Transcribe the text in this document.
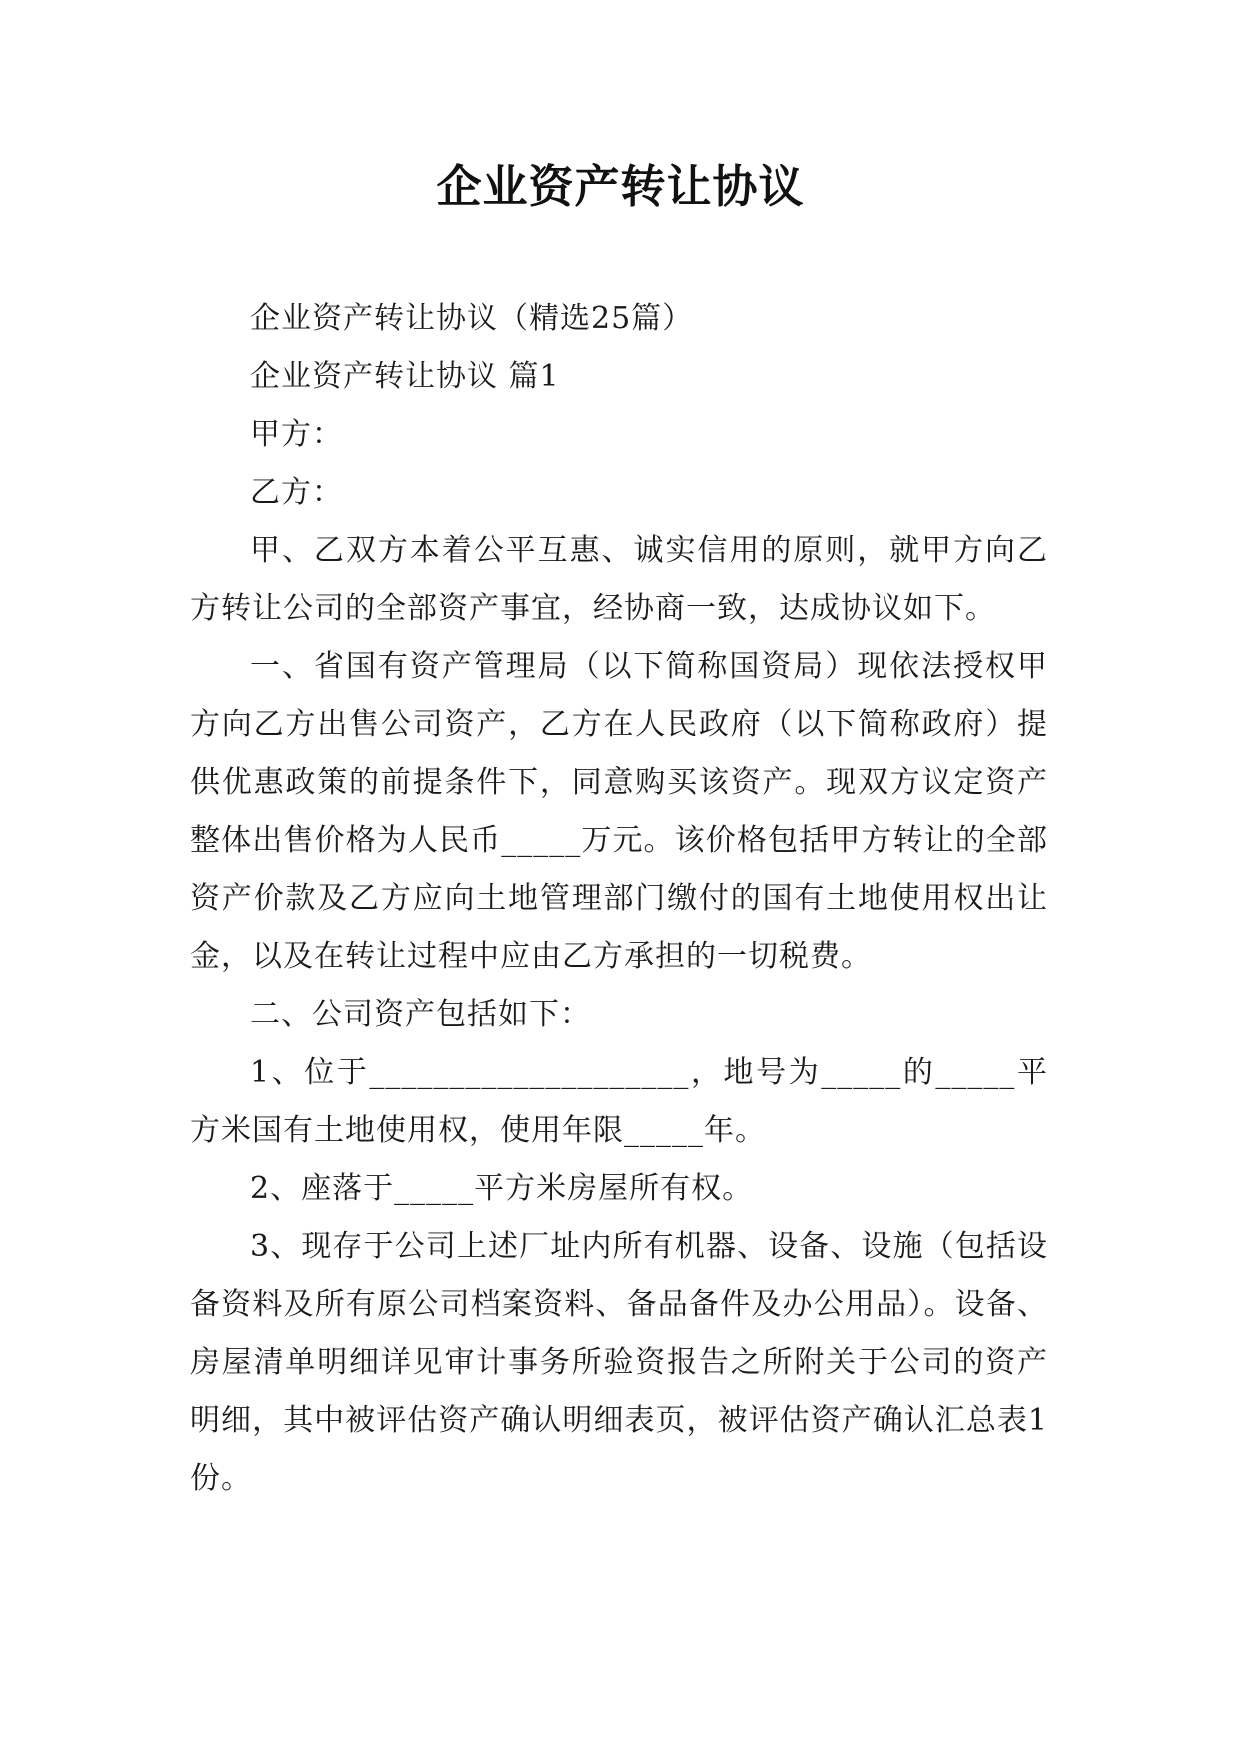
企业资产转让协议

企业资产转让协议（精选25篇）

企业资产转让协议 篇1

甲方：

乙方：

甲、乙双方本着公平互惠、诚实信用的原则，就甲方向乙方转让公司的全部资产事宜，经协商一致，达成协议如下。

一、省国有资产管理局（以下简称国资局）现依法授权甲方向乙方出售公司资产，乙方在人民政府（以下简称政府）提供优惠政策的前提条件下，同意购买该资产。现双方议定资产整体出售价格为人民币_____万元。该价格包括甲方转让的全部资产价款及乙方应向土地管理部门缴付的国有土地使用权出让金，以及在转让过程中应由乙方承担的一切税费。

二、公司资产包括如下：

1、位于____________________，地号为_____的_____平方米国有土地使用权，使用年限_____年。

2、座落于_____平方米房屋所有权。

3、现存于公司上述厂址内所有机器、设备、设施（包括设备资料及所有原公司档案资料、备品备件及办公用品）。设备、房屋清单明细详见审计事务所验资报告之所附关于公司的资产明细，其中被评估资产确认明细表页，被评估资产确认汇总表1份。
